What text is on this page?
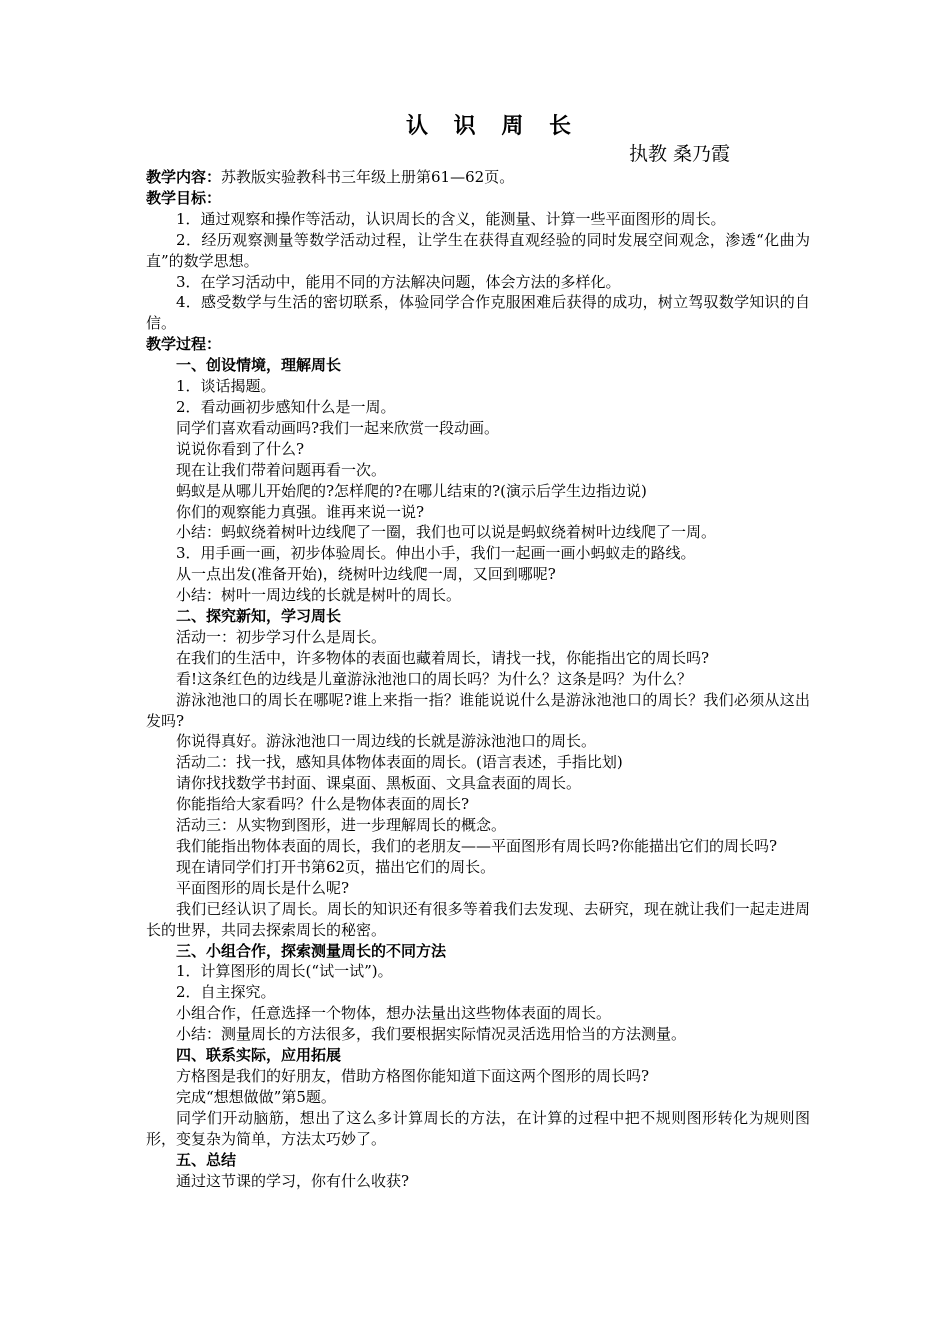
认 识 周 长
执教 桑乃霞
教学内容：苏教版实验教科书三年级上册第61—62页。
教学目标：
1．通过观察和操作等活动，认识周长的含义，能测量、计算一些平面图形的周长。
2．经历观察测量等数学活动过程，让学生在获得直观经验的同时发展空间观念，渗透“化曲为直”的数学思想。
3．在学习活动中，能用不同的方法解决问题，体会方法的多样化。
4．感受数学与生活的密切联系，体验同学合作克服困难后获得的成功，树立驾驭数学知识的自信。
教学过程：
一、创设情境，理解周长
1．谈话揭题。
2．看动画初步感知什么是一周。
同学们喜欢看动画吗?我们一起来欣赏一段动画。
说说你看到了什么?
现在让我们带着问题再看一次。
蚂蚁是从哪儿开始爬的?怎样爬的?在哪儿结束的?(演示后学生边指边说)
你们的观察能力真强。谁再来说一说?
小结：蚂蚁绕着树叶边线爬了一圈，我们也可以说是蚂蚁绕着树叶边线爬了一周。
3．用手画一画，初步体验周长。伸出小手，我们一起画一画小蚂蚁走的路线。
从一点出发(准备开始)，绕树叶边线爬一周，又回到哪呢?
小结：树叶一周边线的长就是树叶的周长。
二、探究新知，学习周长
活动一：初步学习什么是周长。
在我们的生活中，许多物体的表面也藏着周长，请找一找，你能指出它的周长吗?
看!这条红色的边线是儿童游泳池池口的周长吗？为什么？这条是吗？为什么？
游泳池池口的周长在哪呢?谁上来指一指？谁能说说什么是游泳池池口的周长？我们必须从这出发吗?
你说得真好。游泳池池口一周边线的长就是游泳池池口的周长。
活动二：找一找，感知具体物体表面的周长。(语言表述，手指比划)
请你找找数学书封面、课桌面、黑板面、文具盒表面的周长。
你能指给大家看吗？什么是物体表面的周长?
活动三：从实物到图形，进一步理解周长的概念。
我们能指出物体表面的周长，我们的老朋友——平面图形有周长吗?你能描出它们的周长吗?
现在请同学们打开书第62页，描出它们的周长。
平面图形的周长是什么呢?
我们已经认识了周长。周长的知识还有很多等着我们去发现、去研究，现在就让我们一起走进周长的世界，共同去探索周长的秘密。
三、小组合作，探索测量周长的不同方法
1．计算图形的周长(“试一试”)。
2．自主探究。
小组合作，任意选择一个物体，想办法量出这些物体表面的周长。
小结：测量周长的方法很多，我们要根据实际情况灵活选用恰当的方法测量。
四、联系实际，应用拓展
方格图是我们的好朋友，借助方格图你能知道下面这两个图形的周长吗?
完成“想想做做”第5题。
同学们开动脑筋，想出了这么多计算周长的方法，在计算的过程中把不规则图形转化为规则图形，变复杂为简单，方法太巧妙了。
五、总结
通过这节课的学习，你有什么收获?
